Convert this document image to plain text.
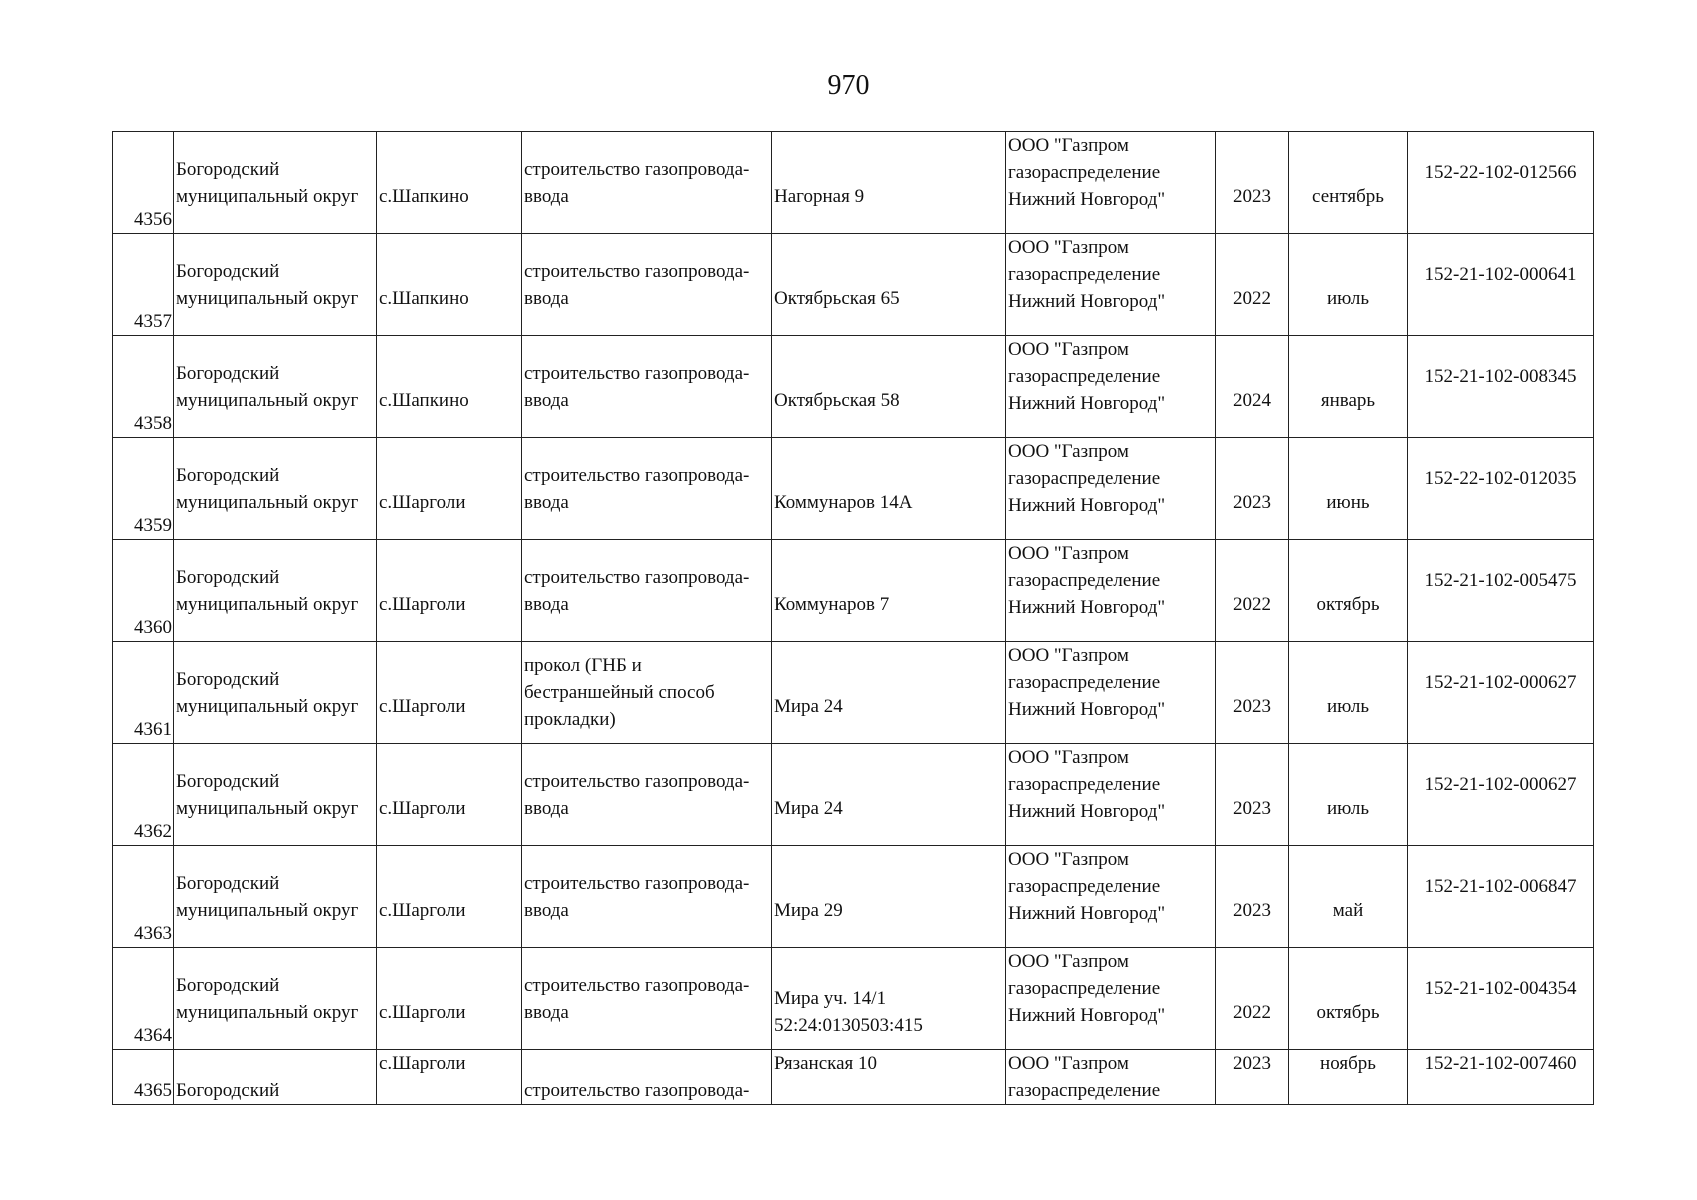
970
4356	Богородский
муниципальный округ	с.Шапкино	строительство газопровода-
ввода	Нагорная 9	ООО "Газпром
газораспределение
Нижний Новгород"	2023	сентябрь	152-22-102-012566
4357	Богородский
муниципальный округ	с.Шапкино	строительство газопровода-
ввода	Октябрьская 65	ООО "Газпром
газораспределение
Нижний Новгород"	2022	июль	152-21-102-000641
4358	Богородский
муниципальный округ	с.Шапкино	строительство газопровода-
ввода	Октябрьская 58	ООО "Газпром
газораспределение
Нижний Новгород"	2024	январь	152-21-102-008345
4359	Богородский
муниципальный округ	с.Шарголи	строительство газопровода-
ввода	Коммунаров 14А	ООО "Газпром
газораспределение
Нижний Новгород"	2023	июнь	152-22-102-012035
4360	Богородский
муниципальный округ	с.Шарголи	строительство газопровода-
ввода	Коммунаров 7	ООО "Газпром
газораспределение
Нижний Новгород"	2022	октябрь	152-21-102-005475
4361	Богородский
муниципальный округ	с.Шарголи	прокол (ГНБ и
бестраншейный способ
прокладки)	Мира 24	ООО "Газпром
газораспределение
Нижний Новгород"	2023	июль	152-21-102-000627
4362	Богородский
муниципальный округ	с.Шарголи	строительство газопровода-
ввода	Мира 24	ООО "Газпром
газораспределение
Нижний Новгород"	2023	июль	152-21-102-000627
4363	Богородский
муниципальный округ	с.Шарголи	строительство газопровода-
ввода	Мира 29	ООО "Газпром
газораспределение
Нижний Новгород"	2023	май	152-21-102-006847
4364	Богородский
муниципальный округ	с.Шарголи	строительство газопровода-
ввода	Мира уч. 14/1
52:24:0130503:415	ООО "Газпром
газораспределение
Нижний Новгород"	2022	октябрь	152-21-102-004354
4365	Богородский	с.Шарголи	строительство газопровода-	Рязанская 10	ООО "Газпром
газораспределение	2023	ноябрь	152-21-102-007460
